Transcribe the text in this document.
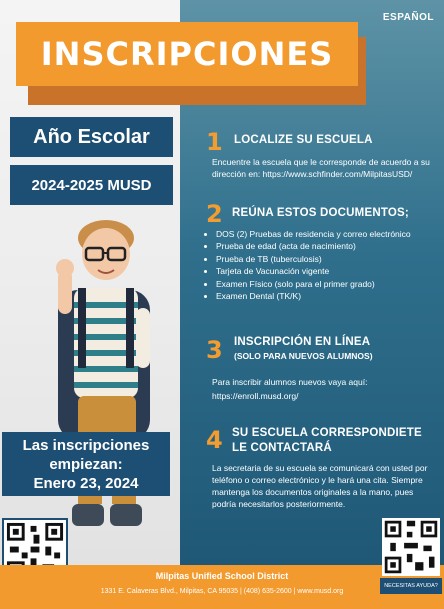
ESPAÑOL
INSCRIPCIONES
Año Escolar
2024-2025 MUSD
Las inscripciones
empiezan:
Enero 23, 2024
1 LOCALIZE SU ESCUELA
Encuentre la escuela que le corresponde de acuerdo a su dirección en: https://www.schfinder.com/MilpitasUSD/
2 REÚNA ESTOS DOCUMENTOS;
• DOS (2) Pruebas de residencia y correo electrónico
• Prueba de edad (acta de nacimiento)
• Prueba de TB (tuberculosis)
• Tarjeta de Vacunación vigente
• Examen Físico (solo para el primer grado)
• Examen Dental (TK/K)
3 INSCRIPCIÓN EN LÍNEA
(SOLO PARA NUEVOS ALUMNOS)
Para inscribir alumnos nuevos vaya aquí:
https://enroll.musd.org/
4 SU ESCUELA CORRESPONDIETE
LE CONTACTARÁ
La secretaria de su escuela se comunicará con usted por teléfono o correo electrónico y le hará una cita. Siempre mantenga los documentos originales a la mano, pues podría necesitarlos posteriormente.
Milpitas Unified School District
1331 E. Calaveras Blvd., Milpitas, CA 95035 | (408) 635-2600 | www.musd.org
NECESITAS AYUDA?
